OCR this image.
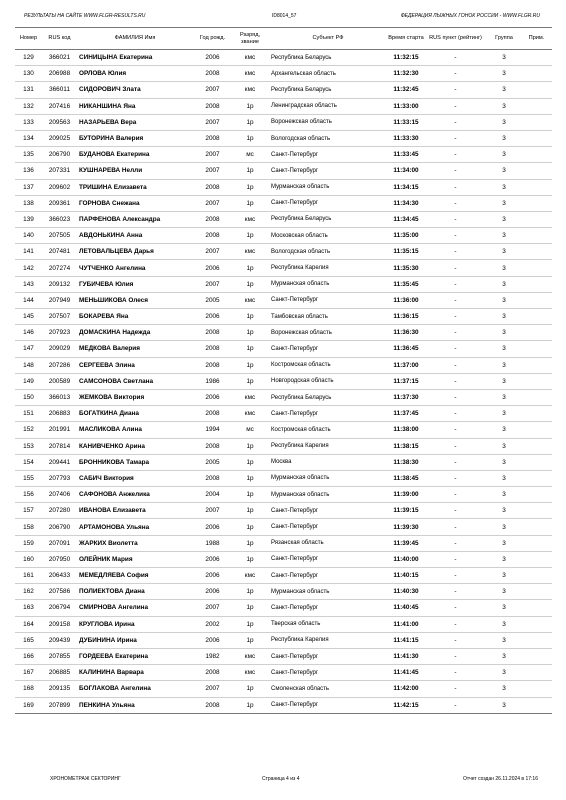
РЕЗУЛЬТАТЫ НА САЙТЕ WWW.FLGR-RESULTS.RU	ID8014_57	ФЕДЕРАЦИЯ ЛЫЖНЫХ ГОНОК РОССИИ - WWW.FLGR.RU
Номер	RUS код	ФАМИЛИЯ Имя	Год рожд.	Разряд, звание	Субъект РФ	Время старта	RUS пункт (рейтинг)	Группа	Прим.
129	366021	СИНИЦЫНА Екатерина	2006	кмс	Республика Беларусь	11:32:15	-	3	
130	206988	ОРЛОВА Юлия	2008	кмс	Архангельская область	11:32:30	-	3	
131	366011	СИДОРОВИЧ Злата	2007	кмс	Республика Беларусь	11:32:45	-	3	
132	207416	НИКАНШИНА Яна	2008	1р	Ленинградская область	11:33:00	-	3	
133	209563	НАЗАРЬЕВА Вера	2007	1р	Воронежская область	11:33:15	-	3	
134	209025	БУТОРИНА Валерия	2008	1р	Вологодская область	11:33:30	-	3	
135	206790	БУДАНОВА Екатерина	2007	мс	Санкт-Петербург	11:33:45	-	3	
136	207331	КУШНАРЕВА Нелли	2007	1р	Санкт-Петербург	11:34:00	-	3	
137	209602	ТРИШИНА Елизавета	2008	1р	Мурманская область	11:34:15	-	3	
138	209361	ГОРНОВА Снежана	2007	1р	Санкт-Петербург	11:34:30	-	3	
139	366023	ПАРФЕНОВА Александра	2008	кмс	Республика Беларусь	11:34:45	-	3	
140	207505	АВДОНЬКИНА Анна	2008	1р	Московская область	11:35:00	-	3	
141	207481	ЛЕТОВАЛЬЦЕВА Дарья	2007	кмс	Вологодская область	11:35:15	-	3	
142	207274	ЧУТЧЕНКО Ангелина	2006	1р	Республика Карелия	11:35:30	-	3	
143	209132	ГУБИЧЕВА Юлия	2007	1р	Мурманская область	11:35:45	-	3	
144	207949	МЕНЬШИКОВА Олеся	2005	кмс	Санкт-Петербург	11:36:00	-	3	
145	207507	БОКАРЕВА Яна	2006	1р	Тамбовская область	11:36:15	-	3	
146	207923	ДОМАСКИНА Надежда	2008	1р	Воронежская область	11:36:30	-	3	
147	209029	МЕДКОВА Валерия	2008	1р	Санкт-Петербург	11:36:45	-	3	
148	207286	СЕРГЕЕВА Элина	2008	1р	Костромская область	11:37:00	-	3	
149	200589	САМСОНОВА Светлана	1986	1р	Новгородская область	11:37:15	-	3	
150	366013	ЖЕМКОВА Виктория	2006	кмс	Республика Беларусь	11:37:30	-	3	
151	206883	БОГАТКИНА Диана	2008	кмс	Санкт-Петербург	11:37:45	-	3	
152	201991	МАСЛИКОВА Алина	1994	мс	Костромская область	11:38:00	-	3	
153	207814	КАНИВЧЕНКО Арина	2008	1р	Республика Карелия	11:38:15	-	3	
154	209441	БРОННИКОВА Тамара	2005	1р	Москва	11:38:30	-	3	
155	207793	САБИЧ Виктория	2008	1р	Мурманская область	11:38:45	-	3	
156	207406	САФОНОВА Анжелика	2004	1р	Мурманская область	11:39:00	-	3	
157	207280	ИВАНОВА Елизавета	2007	1р	Санкт-Петербург	11:39:15	-	3	
158	206790	АРТАМОНОВА Ульяна	2006	1р	Санкт-Петербург	11:39:30	-	3	
159	207091	ЖАРКИХ Виолетта	1988	1р	Рязанская область	11:39:45	-	3	
160	207950	ОЛЕЙНИК Мария	2006	1р	Санкт-Петербург	11:40:00	-	3	
161	206433	МЕМЕДЛЯЕВА София	2006	кмс	Санкт-Петербург	11:40:15	-	3	
162	207586	ПОЛИЕКТОВА Диана	2006	1р	Мурманская область	11:40:30	-	3	
163	206794	СМИРНОВА Ангелина	2007	1р	Санкт-Петербург	11:40:45	-	3	
164	209158	КРУГЛОВА Ирина	2002	1р	Тверская область	11:41:00	-	3	
165	209439	ДУБИНИНА Ирина	2006	1р	Республика Карелия	11:41:15	-	3	
166	207855	ГОРДЕЕВА Екатерина	1982	кмс	Санкт-Петербург	11:41:30	-	3	
167	206885	КАЛИНИНА Варвара	2008	кмс	Санкт-Петербург	11:41:45	-	3	
168	209135	БОГЛАКОВА Ангелина	2007	1р	Смоленская область	11:42:00	-	3	
169	207899	ПЕНКИНА Ульяна	2008	1р	Санкт-Петербург	11:42:15	-	3	
ХРОНОМЕТРАЖ СЕКТОРИНГ	Страница 4 из 4	Отчет создан 26.11.2024 в 17:16
